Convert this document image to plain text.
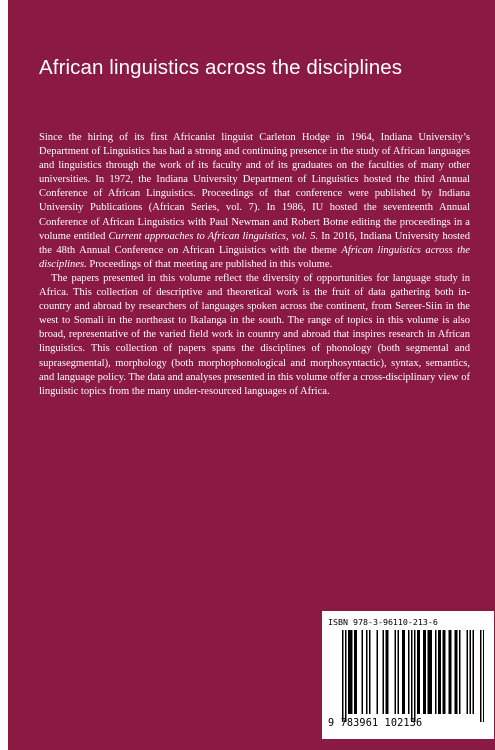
African linguistics across the disciplines

Since the hiring of its first Africanist linguist Carleton Hodge in 1964, Indiana University’s Department of Linguistics has had a strong and continuing presence in the study of African languages and linguistics through the work of its faculty and of its graduates on the faculties of many other universities. In 1972, the Indiana University Department of Linguistics hosted the third Annual Conference of African Linguistics. Proceedings of that conference were published by Indiana University Publications (African Series, vol. 7). In 1986, IU hosted the seventeenth Annual Conference of African Linguistics with Paul Newman and Robert Botne editing the proceedings in a volume entitled Current approaches to African linguistics, vol. 5. In 2016, Indiana University hosted the 48th Annual Conference on African Linguistics with the theme African linguistics across the disciplines. Proceedings of that meeting are published in this volume.

The papers presented in this volume reflect the diversity of opportunities for language study in Africa. This collection of descriptive and theoretical work is the fruit of data gathering both in-country and abroad by researchers of languages spoken across the continent, from Sereer-Siin in the west to Somali in the northeast to Ikalanga in the south. The range of topics in this volume is also broad, representative of the varied field work in country and abroad that inspires research in African linguistics. This collection of papers spans the disciplines of phonology (both segmental and suprasegmental), morphology (both morphophonological and morphosyntactic), syntax, semantics, and language policy. The data and analyses presented in this volume offer a cross-disciplinary view of linguistic topics from the many under-resourced languages of Africa.

ISBN 978-3-96110-213-6
9 783961 102136
